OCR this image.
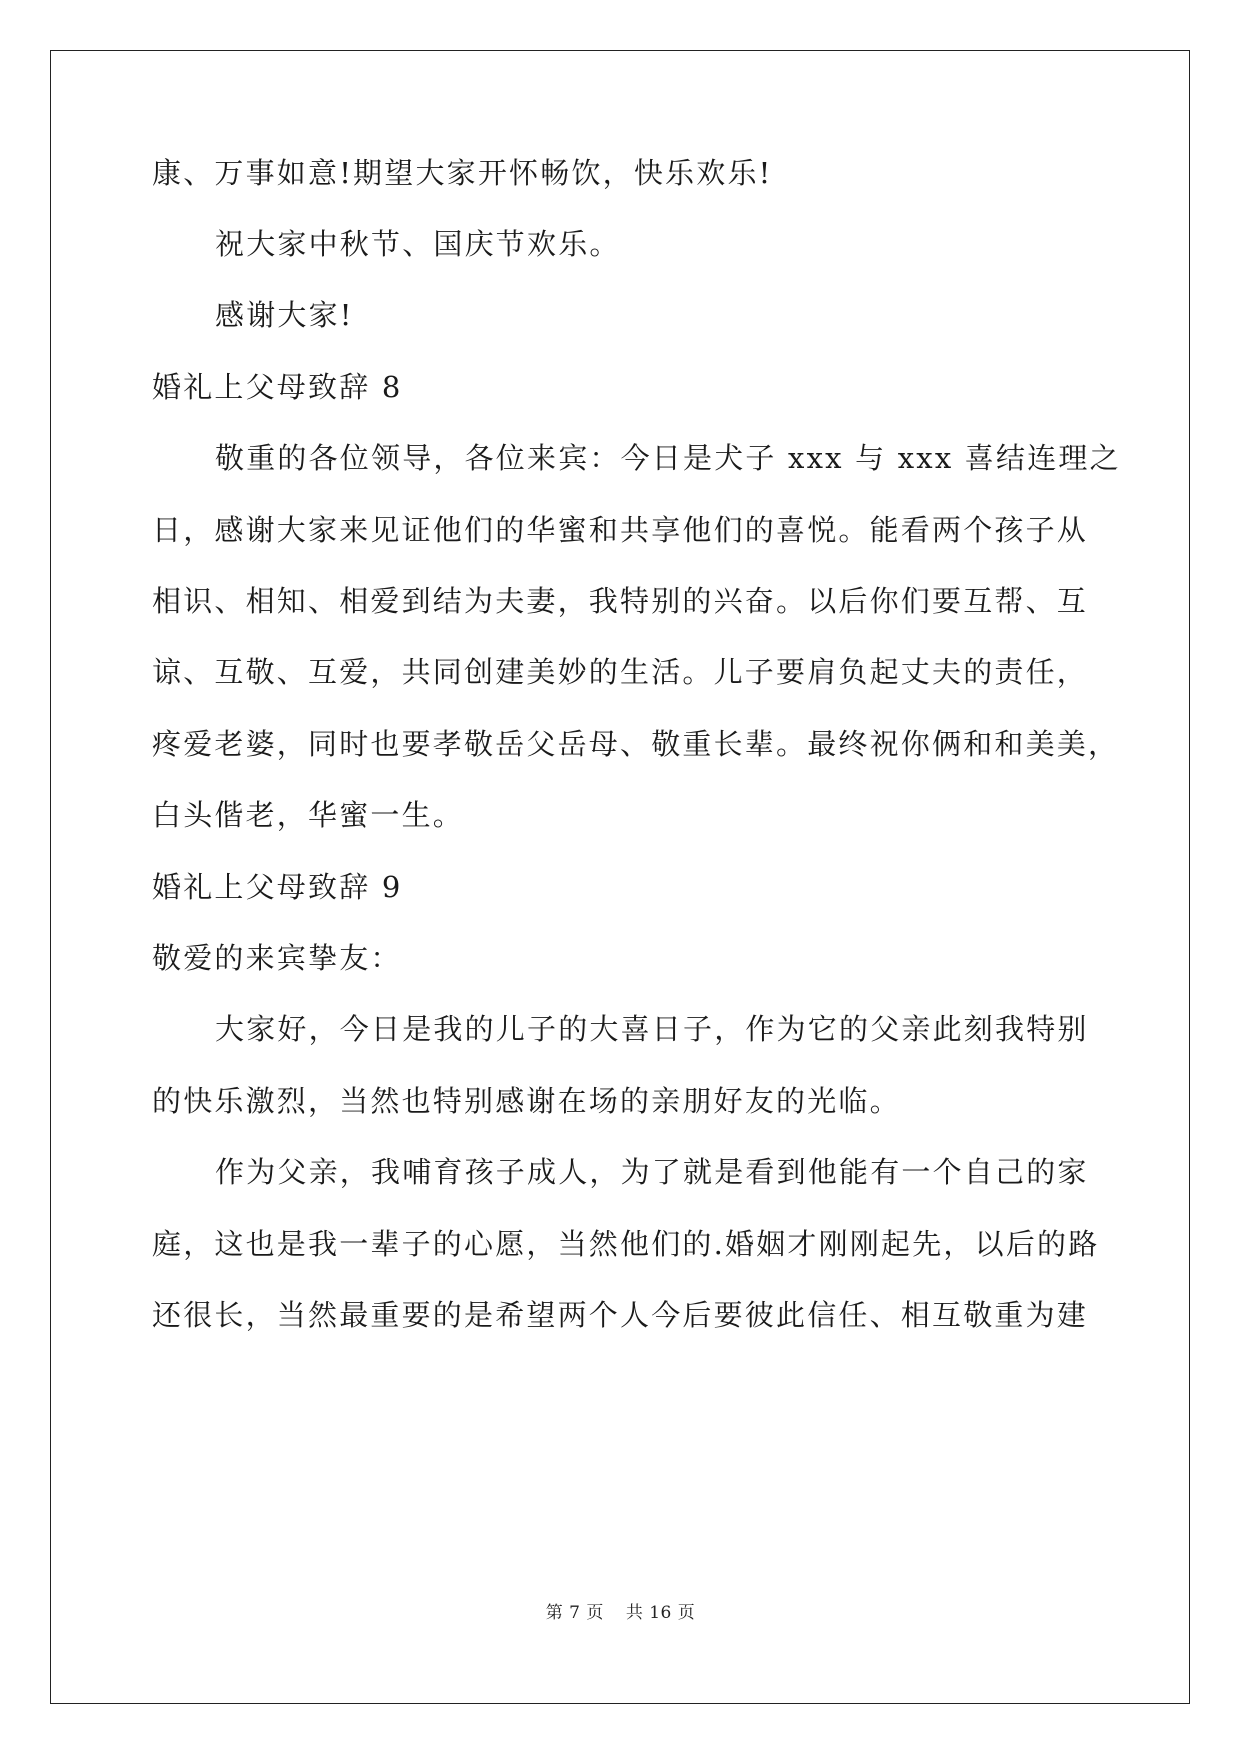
康、万事如意!期望大家开怀畅饮，快乐欢乐!
祝大家中秋节、国庆节欢乐。
感谢大家!
婚礼上父母致辞 8
敬重的各位领导，各位来宾：今日是犬子 xxx 与 xxx 喜结连理之
日，感谢大家来见证他们的华蜜和共享他们的喜悦。能看两个孩子从
相识、相知、相爱到结为夫妻，我特别的兴奋。以后你们要互帮、互
谅、互敬、互爱，共同创建美妙的生活。儿子要肩负起丈夫的责任，
疼爱老婆，同时也要孝敬岳父岳母、敬重长辈。最终祝你俩和和美美，
白头偕老，华蜜一生。
婚礼上父母致辞 9
敬爱的来宾挚友：
大家好，今日是我的儿子的大喜日子，作为它的父亲此刻我特别
的快乐激烈，当然也特别感谢在场的亲朋好友的光临。
作为父亲，我哺育孩子成人，为了就是看到他能有一个自己的家
庭，这也是我一辈子的心愿，当然他们的.婚姻才刚刚起先，以后的路
还很长，当然最重要的是希望两个人今后要彼此信任、相互敬重为建
第 7 页 共 16 页
